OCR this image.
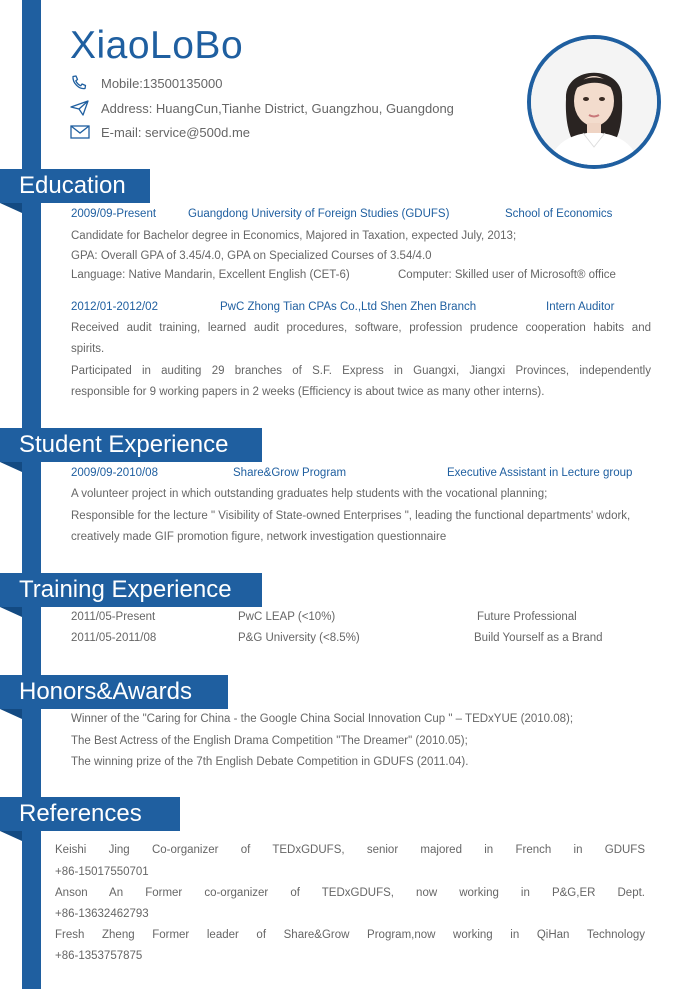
XiaoLoBo
Mobile:13500135000
Address: HuangCun,Tianhe District, Guangzhou, Guangdong
E-mail: service@500d.me
Education
2009/09-Present	Guangdong University of Foreign Studies (GDUFS)	School of Economics
Candidate for Bachelor degree in Economics, Majored in Taxation, expected July, 2013;
GPA: Overall GPA of 3.45/4.0, GPA on Specialized Courses of 3.54/4.0
Language: Native Mandarin, Excellent English (CET-6)	Computer: Skilled user of Microsoft® office
2012/01-2012/02	PwC Zhong Tian CPAs Co.,Ltd Shen Zhen Branch	Intern Auditor
Received audit training, learned audit procedures, software, profession prudence cooperation habits and
spirits.
Participated in auditing 29 branches of S.F. Express in Guangxi, Jiangxi Provinces, independently
responsible for 9 working papers in 2 weeks (Efficiency is about twice as many other interns).
Student Experience
2009/09-2010/08	Share&Grow Program	Executive Assistant in Lecture group
A volunteer project in which outstanding graduates help students with the vocational planning;
Responsible for the lecture " Visibility of State-owned Enterprises ", leading the functional departments' wdork,
creatively made GIF promotion figure, network investigation questionnaire
Training Experience
2011/05-Present	PwC LEAP (<10%)	Future Professional
2011/05-2011/08	P&G University (<8.5%)	Build Yourself as a Brand
Honors&Awards
Winner of the "Caring for China - the Google China Social Innovation Cup " – TEDxYUE (2010.08);
The Best Actress of the English Drama Competition "The Dreamer" (2010.05);
The winning prize of the 7th English Debate Competition in GDUFS (2011.04).
References
Keishi Jing Co-organizer of TEDxGDUFS, senior majored in French in GDUFS
+86-15017550701
Anson An Former co-organizer of TEDxGDUFS, now working in P&G,ER Dept.
+86-13632462793
Fresh Zheng Former leader of Share&Grow Program,now working in QiHan Technology
+86-1353757875
